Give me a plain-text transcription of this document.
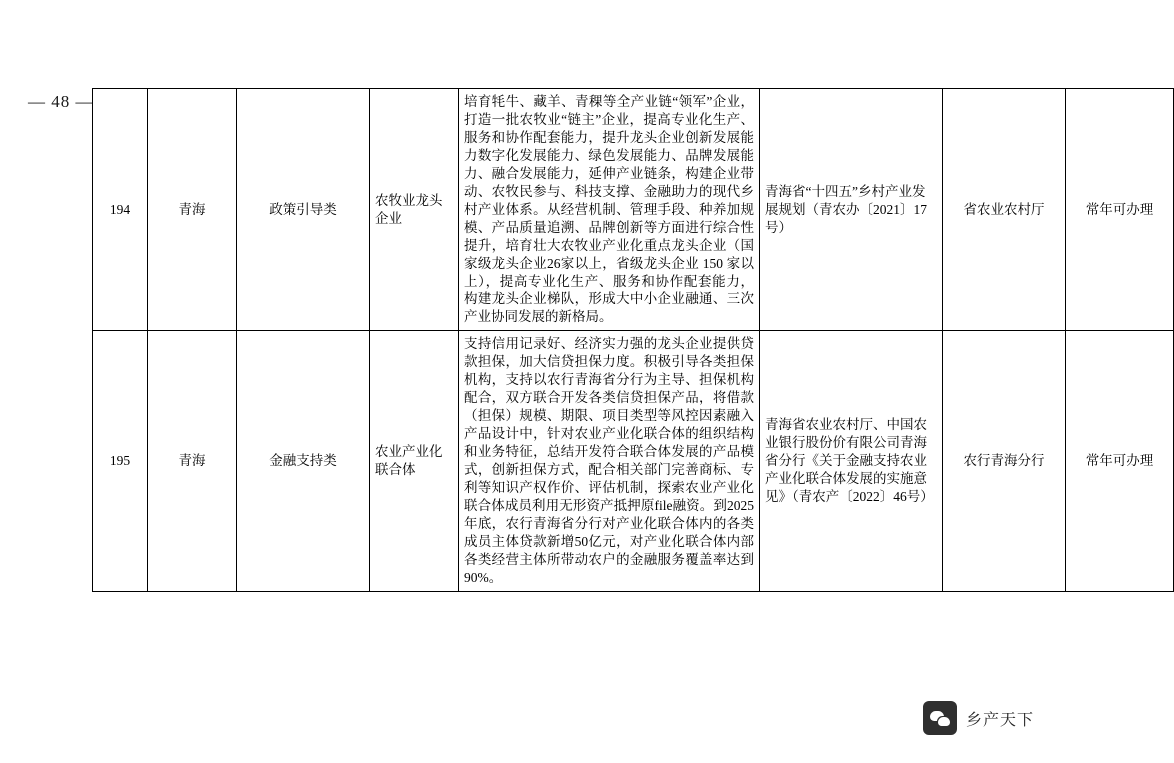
— 48 —
194	青海	政策引导类	农牧业龙头企业	培育牦牛、藏羊、青稞等全产业链“领军”企业，打造一批农牧业“链主”企业，提高专业化生产、服务和协作配套能力，提升龙头企业创新发展能力数字化发展能力、绿色发展能力、品牌发展能力、融合发展能力，延伸产业链条，构建企业带动、农牧民参与、科技支撑、金融助力的现代乡村产业体系。从经营机制、管理手段、种养加规模、产品质量追溯、品牌创新等方面进行综合性提升，培育壮大农牧业产业化重点龙头企业（国家级龙头企业26家以上，省级龙头企业 150 家以上），提高专业化生产、服务和协作配套能力，构建龙头企业梯队，形成大中小企业融通、三次产业协同发展的新格局。	青海省“十四五”乡村产业发展规划（青农办〔2021〕17号）	省农业农村厅	常年可办理

195	青海	金融支持类	农业产业化联合体	支持信用记录好、经济实力强的龙头企业提供贷款担保，加大信贷担保力度。积极引导各类担保机构，支持以农行青海省分行为主导、担保机构配合，双方联合开发各类信贷担保产品，将借款（担保）规模、期限、项目类型等风控因素融入产品设计中，针对农业产业化联合体的组织结构和业务特征，总结开发符合联合体发展的产品模式，创新担保方式，配合相关部门完善商标、专利等知识产权作价、评估机制，探索农业产业化联合体成员利用无形资产抵押原file融资。到2025年底，农行青海省分行对产业化联合体内的各类成员主体贷款新增50亿元，对产业化联合体内部各类经营主体所带动农户的金融服务覆盖率达到90%。	青海省农业农村厅、中国农业银行股份价有限公司青海省分行《关于金融支持农业产业化联合体发展的实施意见》（青农产〔2022〕46号）	农行青海分行	常年可办理
乡产天下
